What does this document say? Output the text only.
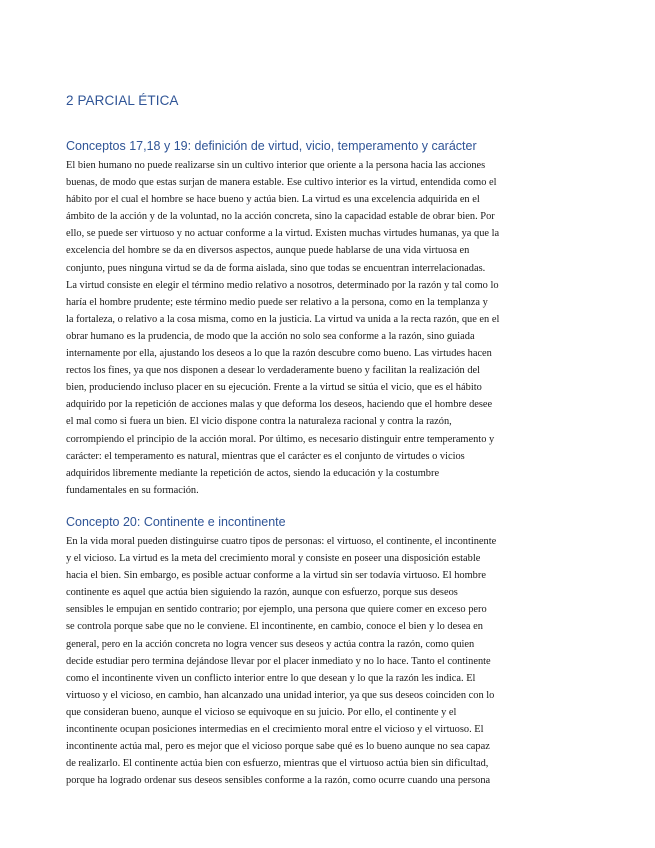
2 PARCIAL ÉTICA
Conceptos 17,18 y 19: definición de virtud, vicio, temperamento y carácter
El bien humano no puede realizarse sin un cultivo interior que oriente a la persona hacia las acciones
buenas, de modo que estas surjan de manera estable. Ese cultivo interior es la virtud, entendida como el
hábito por el cual el hombre se hace bueno y actúa bien. La virtud es una excelencia adquirida en el
ámbito de la acción y de la voluntad, no la acción concreta, sino la capacidad estable de obrar bien. Por
ello, se puede ser virtuoso y no actuar conforme a la virtud. Existen muchas virtudes humanas, ya que la
excelencia del hombre se da en diversos aspectos, aunque puede hablarse de una vida virtuosa en
conjunto, pues ninguna virtud se da de forma aislada, sino que todas se encuentran interrelacionadas.
La virtud consiste en elegir el término medio relativo a nosotros, determinado por la razón y tal como lo
haría el hombre prudente; este término medio puede ser relativo a la persona, como en la templanza y
la fortaleza, o relativo a la cosa misma, como en la justicia. La virtud va unida a la recta razón, que en el
obrar humano es la prudencia, de modo que la acción no solo sea conforme a la razón, sino guiada
internamente por ella, ajustando los deseos a lo que la razón descubre como bueno. Las virtudes hacen
rectos los fines, ya que nos disponen a desear lo verdaderamente bueno y facilitan la realización del
bien, produciendo incluso placer en su ejecución. Frente a la virtud se sitúa el vicio, que es el hábito
adquirido por la repetición de acciones malas y que deforma los deseos, haciendo que el hombre desee
el mal como si fuera un bien. El vicio dispone contra la naturaleza racional y contra la razón,
corrompiendo el principio de la acción moral. Por último, es necesario distinguir entre temperamento y
carácter: el temperamento es natural, mientras que el carácter es el conjunto de virtudes o vicios
adquiridos libremente mediante la repetición de actos, siendo la educación y la costumbre
fundamentales en su formación.
Concepto 20: Continente e incontinente
En la vida moral pueden distinguirse cuatro tipos de personas: el virtuoso, el continente, el incontinente
y el vicioso. La virtud es la meta del crecimiento moral y consiste en poseer una disposición estable
hacia el bien. Sin embargo, es posible actuar conforme a la virtud sin ser todavía virtuoso. El hombre
continente es aquel que actúa bien siguiendo la razón, aunque con esfuerzo, porque sus deseos
sensibles le empujan en sentido contrario; por ejemplo, una persona que quiere comer en exceso pero
se controla porque sabe que no le conviene. El incontinente, en cambio, conoce el bien y lo desea en
general, pero en la acción concreta no logra vencer sus deseos y actúa contra la razón, como quien
decide estudiar pero termina dejándose llevar por el placer inmediato y no lo hace. Tanto el continente
como el incontinente viven un conflicto interior entre lo que desean y lo que la razón les indica. El
virtuoso y el vicioso, en cambio, han alcanzado una unidad interior, ya que sus deseos coinciden con lo
que consideran bueno, aunque el vicioso se equivoque en su juicio. Por ello, el continente y el
incontinente ocupan posiciones intermedias en el crecimiento moral entre el vicioso y el virtuoso. El
incontinente actúa mal, pero es mejor que el vicioso porque sabe qué es lo bueno aunque no sea capaz
de realizarlo. El continente actúa bien con esfuerzo, mientras que el virtuoso actúa bien sin dificultad,
porque ha logrado ordenar sus deseos sensibles conforme a la razón, como ocurre cuando una persona
